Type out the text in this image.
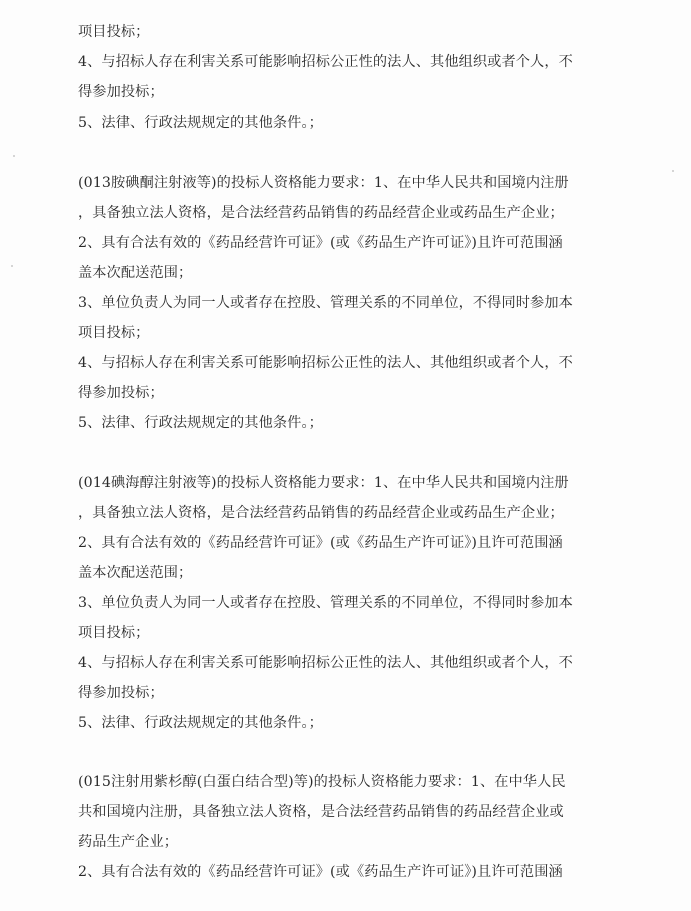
项目投标；
4、与招标人存在利害关系可能影响招标公正性的法人、其他组织或者个人，不
得参加投标；
5、法律、行政法规规定的其他条件。；
(013胺碘酮注射液等)的投标人资格能力要求：1、在中华人民共和国境内注册
，具备独立法人资格，是合法经营药品销售的药品经营企业或药品生产企业；
2、具有合法有效的《药品经营许可证》(或《药品生产许可证》)且许可范围涵
盖本次配送范围；
3、单位负责人为同一人或者存在控股、管理关系的不同单位，不得同时参加本
项目投标；
4、与招标人存在利害关系可能影响招标公正性的法人、其他组织或者个人，不
得参加投标；
5、法律、行政法规规定的其他条件。；
(014碘海醇注射液等)的投标人资格能力要求：1、在中华人民共和国境内注册
，具备独立法人资格，是合法经营药品销售的药品经营企业或药品生产企业；
2、具有合法有效的《药品经营许可证》(或《药品生产许可证》)且许可范围涵
盖本次配送范围；
3、单位负责人为同一人或者存在控股、管理关系的不同单位，不得同时参加本
项目投标；
4、与招标人存在利害关系可能影响招标公正性的法人、其他组织或者个人，不
得参加投标；
5、法律、行政法规规定的其他条件。；
(015注射用紫杉醇(白蛋白结合型)等)的投标人资格能力要求：1、在中华人民
共和国境内注册，具备独立法人资格，是合法经营药品销售的药品经营企业或
药品生产企业；
2、具有合法有效的《药品经营许可证》(或《药品生产许可证》)且许可范围涵
